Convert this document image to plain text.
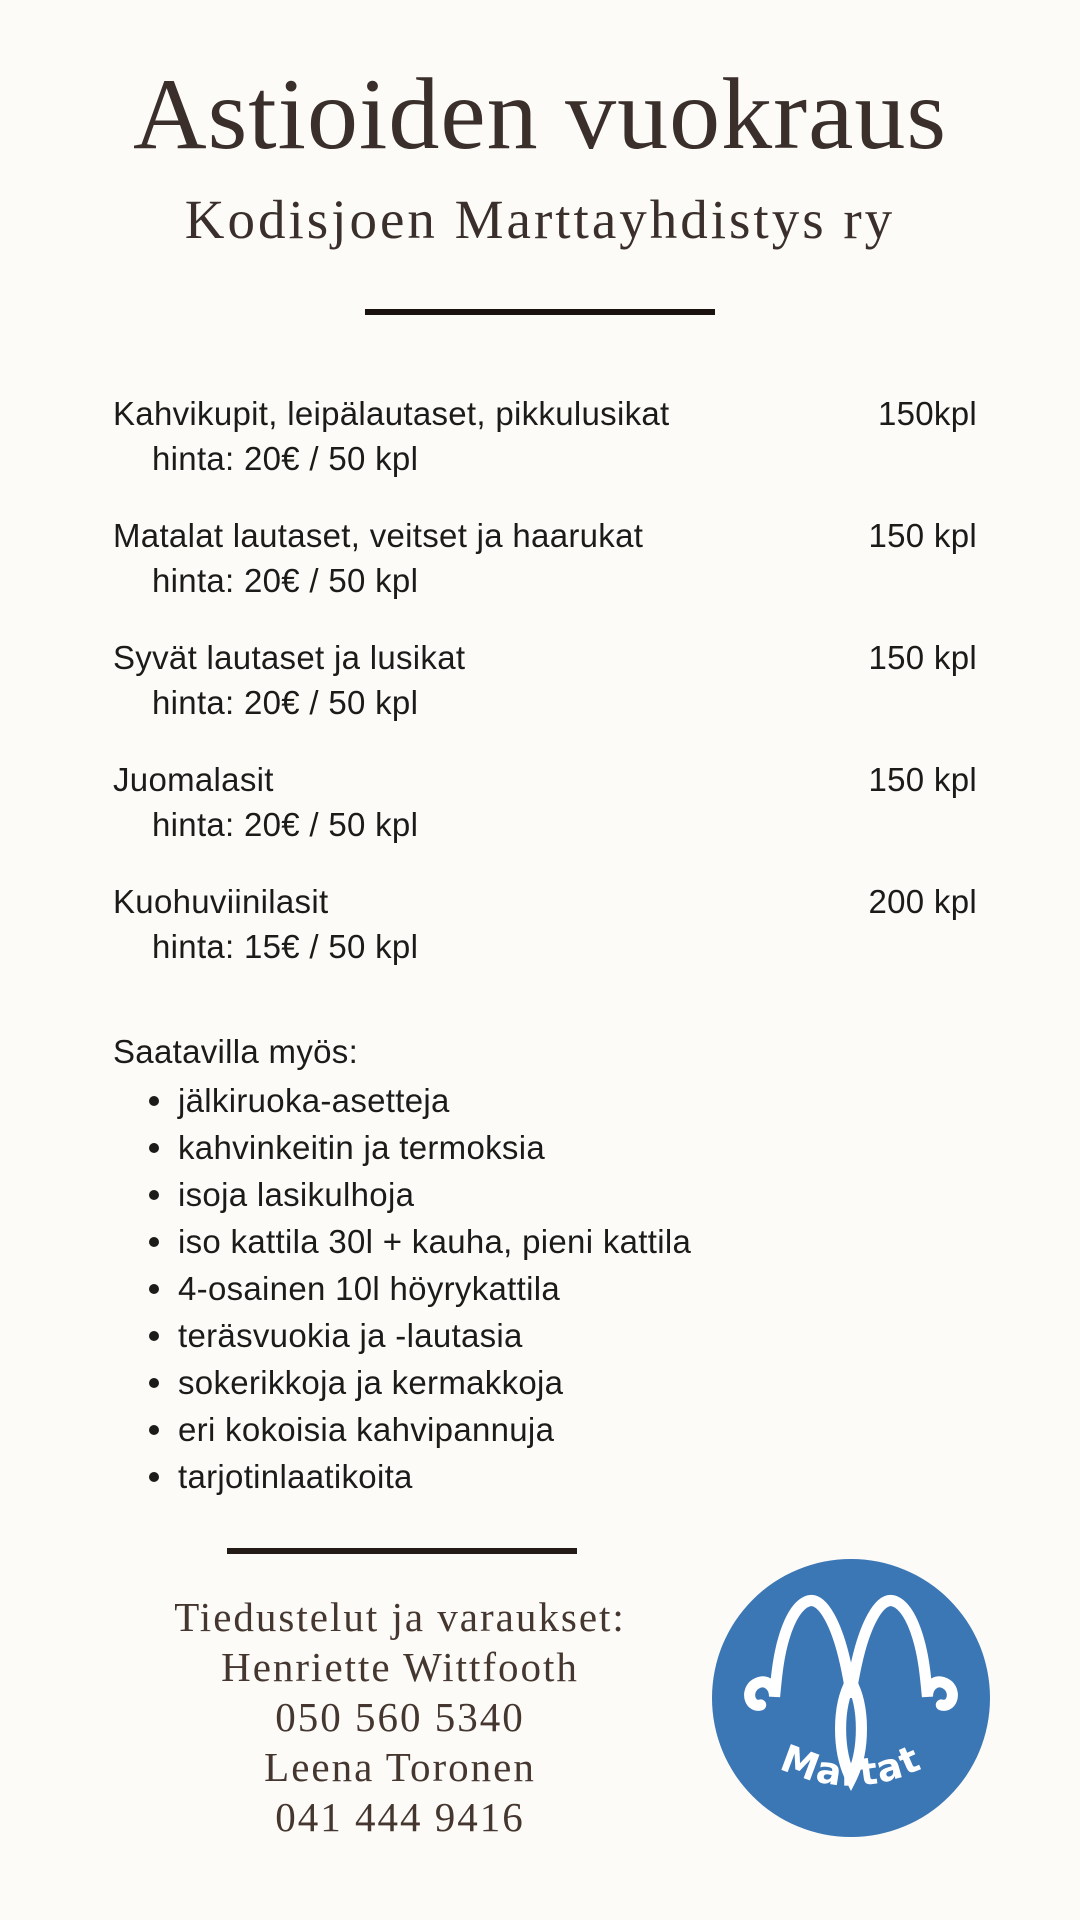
Astioiden vuokraus
Kodisjoen Marttayhdistys ry
Kahvikupit, leipälautaset, pikkulusikat	150kpl
hinta: 20€ / 50 kpl
Matalat lautaset, veitset ja haarukat	150 kpl
hinta: 20€ / 50 kpl
Syvät lautaset ja lusikat	150 kpl
hinta: 20€ / 50 kpl
Juomalasit	150 kpl
hinta: 20€ / 50 kpl
Kuohuviinilasit	200 kpl
hinta: 15€ / 50 kpl
Saatavilla myös:
jälkiruoka-asetteja
kahvinkeitin ja termoksia
isoja lasikulhoja
iso kattila 30l + kauha, pieni kattila
4-osainen 10l höyrykattila
teräsvuokia ja -lautasia
sokerikkoja ja kermakkoja
eri kokoisia kahvipannuja
tarjotinlaatikoita
Tiedustelut ja varaukset:
Henriette Wittfooth
050 560 5340
Leena Toronen
041 444 9416
Martat
